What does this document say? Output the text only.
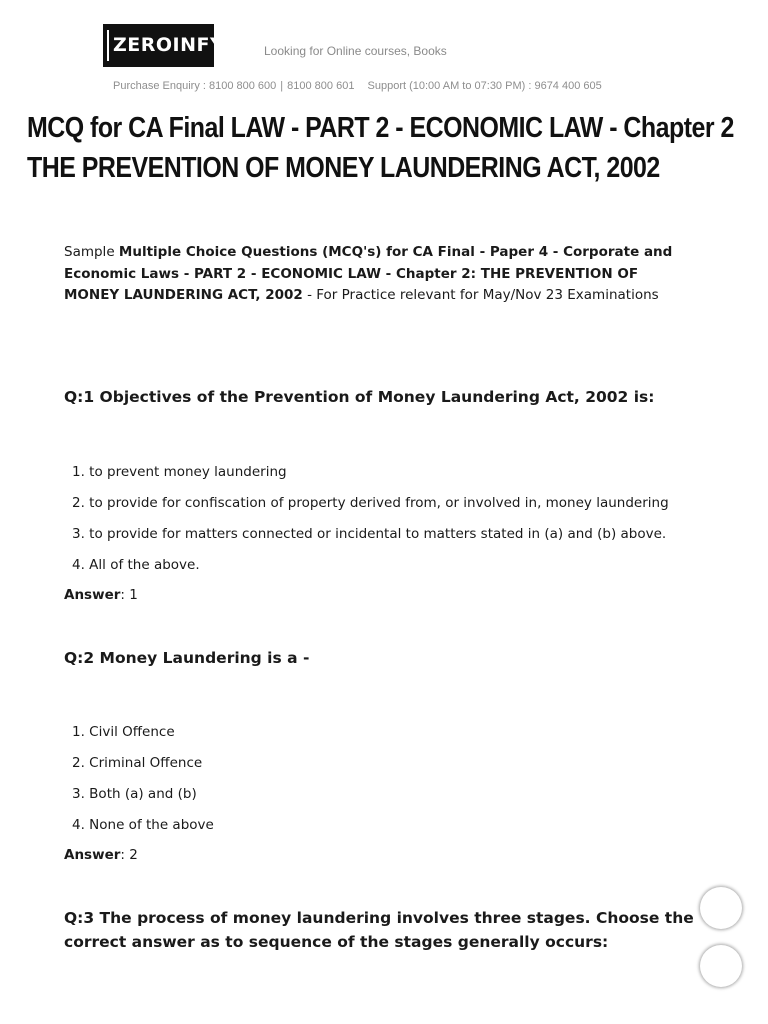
MCQ for CA Final LAW - PART 2 - ECONOMIC LAW - Chapter 2 THE PREVENTION OF MONEY LAUNDERING ACT, 2002
ZEROINFY
Looking for Online courses, Books
Purchase Enquiry : 8100 800 600 | 8100 800 601 Support (10:00 AM to 07:30 PM) : 9674 400 605

Sample Multiple Choice Questions (MCQ's) for CA Final - Paper 4 - Corporate and Economic Laws - PART 2 - ECONOMIC LAW - Chapter 2: THE PREVENTION OF MONEY LAUNDERING ACT, 2002 - For Practice relevant for May/Nov 23 Examinations

Q:1 Objectives of the Prevention of Money Laundering Act, 2002 is:
1. to prevent money laundering
2. to provide for confiscation of property derived from, or involved in, money laundering
3. to provide for matters connected or incidental to matters stated in (a) and (b) above.
4. All of the above.
Answer: 1
Q:2 Money Laundering is a -
1. Civil Offence
2. Criminal Offence
3. Both (a) and (b)
4. None of the above
Answer: 2
Q:3 The process of money laundering involves three stages. Choose the correct answer as to sequence of the stages generally occurs:
